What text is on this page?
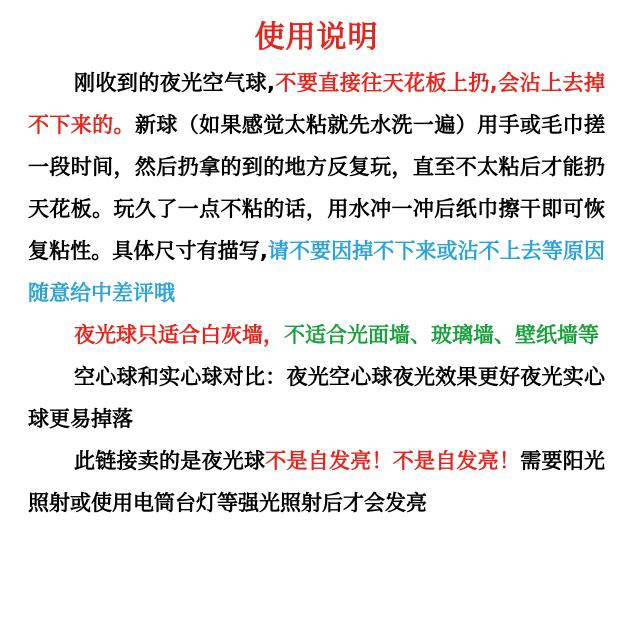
使用说明

刚收到的夜光空气球,不要直接往天花板上扔,会沾上去掉不下来的。新球（如果感觉太粘就先水洗一遍）用手或毛巾搓一段时间，然后扔拿的到的地方反复玩，直至不太粘后才能扔天花板。玩久了一点不粘的话，用水冲一冲后纸巾擦干即可恢复粘性。具体尺寸有描写,请不要因掉不下来或沾不上去等原因随意给中差评哦

夜光球只适合白灰墙，不适合光面墙、玻璃墙、壁纸墙等

空心球和实心球对比：夜光空心球夜光效果更好夜光实心球更易掉落

此链接卖的是夜光球不是自发亮！不是自发亮！需要阳光照射或使用电筒台灯等强光照射后才会发亮
